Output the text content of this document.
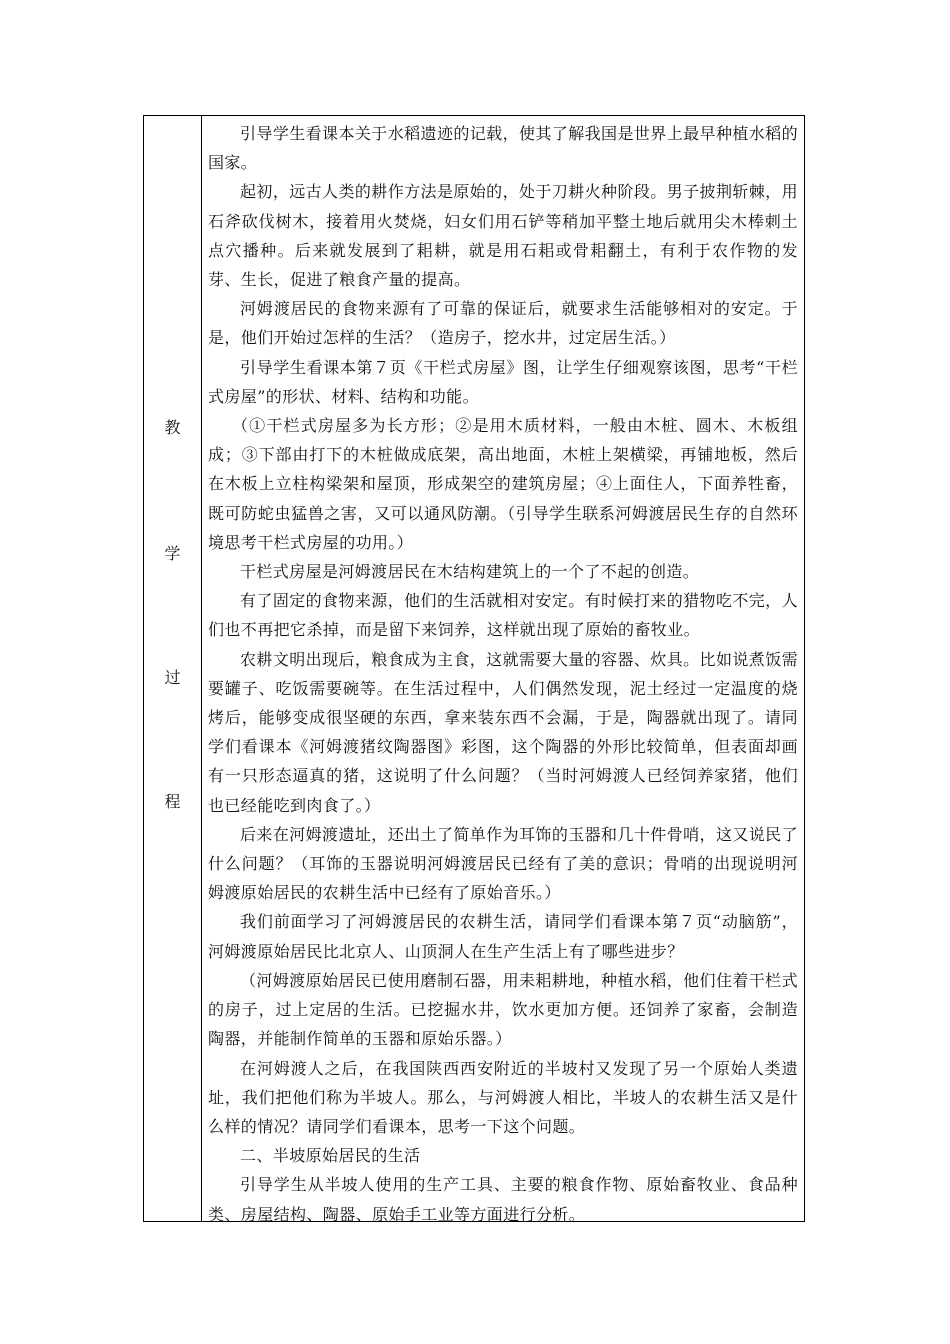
教
学
过
程

引导学生看课本关于水稻遗迹的记载，使其了解我国是世界上最早种植水稻的国家。

起初，远古人类的耕作方法是原始的，处于刀耕火种阶段。男子披荆斩棘，用石斧砍伐树木，接着用火焚烧，妇女们用石铲等稍加平整土地后就用尖木棒刺土点穴播种。后来就发展到了耜耕，就是用石耜或骨耜翻土，有利于农作物的发芽、生长，促进了粮食产量的提高。

河姆渡居民的食物来源有了可靠的保证后，就要求生活能够相对的安定。于是，他们开始过怎样的生活？（造房子，挖水井，过定居生活。）

引导学生看课本第７页《干栏式房屋》图，让学生仔细观察该图，思考“干栏式房屋”的形状、材料、结构和功能。

（①干栏式房屋多为长方形；②是用木质材料，一般由木桩、圆木、木板组成；③下部由打下的木桩做成底架，高出地面，木桩上架横梁，再铺地板，然后在木板上立柱构梁架和屋顶，形成架空的建筑房屋；④上面住人，下面养牲畜，既可防蛇虫猛兽之害，又可以通风防潮。（引导学生联系河姆渡居民生存的自然环境思考干栏式房屋的功用。）

干栏式房屋是河姆渡居民在木结构建筑上的一个了不起的创造。

有了固定的食物来源，他们的生活就相对安定。有时候打来的猎物吃不完，人们也不再把它杀掉，而是留下来饲养，这样就出现了原始的畜牧业。

农耕文明出现后，粮食成为主食，这就需要大量的容器、炊具。比如说煮饭需要罐子、吃饭需要碗等。在生活过程中，人们偶然发现，泥土经过一定温度的烧烤后，能够变成很坚硬的东西，拿来装东西不会漏，于是，陶器就出现了。请同学们看课本《河姆渡猪纹陶器图》彩图，这个陶器的外形比较简单，但表面却画有一只形态逼真的猪，这说明了什么问题？（当时河姆渡人已经饲养家猪，他们也已经能吃到肉食了。）

后来在河姆渡遗址，还出土了简单作为耳饰的玉器和几十件骨哨，这又说民了什么问题？（耳饰的玉器说明河姆渡居民已经有了美的意识；骨哨的出现说明河姆渡原始居民的农耕生活中已经有了原始音乐。）

我们前面学习了河姆渡居民的农耕生活，请同学们看课本第７页“动脑筋”，河姆渡原始居民比北京人、山顶洞人在生产生活上有了哪些进步？

（河姆渡原始居民已使用磨制石器，用耒耜耕地，种植水稻，他们住着干栏式的房子，过上定居的生活。已挖掘水井，饮水更加方便。还饲养了家畜，会制造陶器，并能制作简单的玉器和原始乐器。）

在河姆渡人之后，在我国陕西西安附近的半坡村又发现了另一个原始人类遗址，我们把他们称为半坡人。那么，与河姆渡人相比，半坡人的农耕生活又是什么样的情况？请同学们看课本，思考一下这个问题。

二、半坡原始居民的生活

引导学生从半坡人使用的生产工具、主要的粮食作物、原始畜牧业、食品种类、房屋结构、陶器、原始手工业等方面进行分析。
